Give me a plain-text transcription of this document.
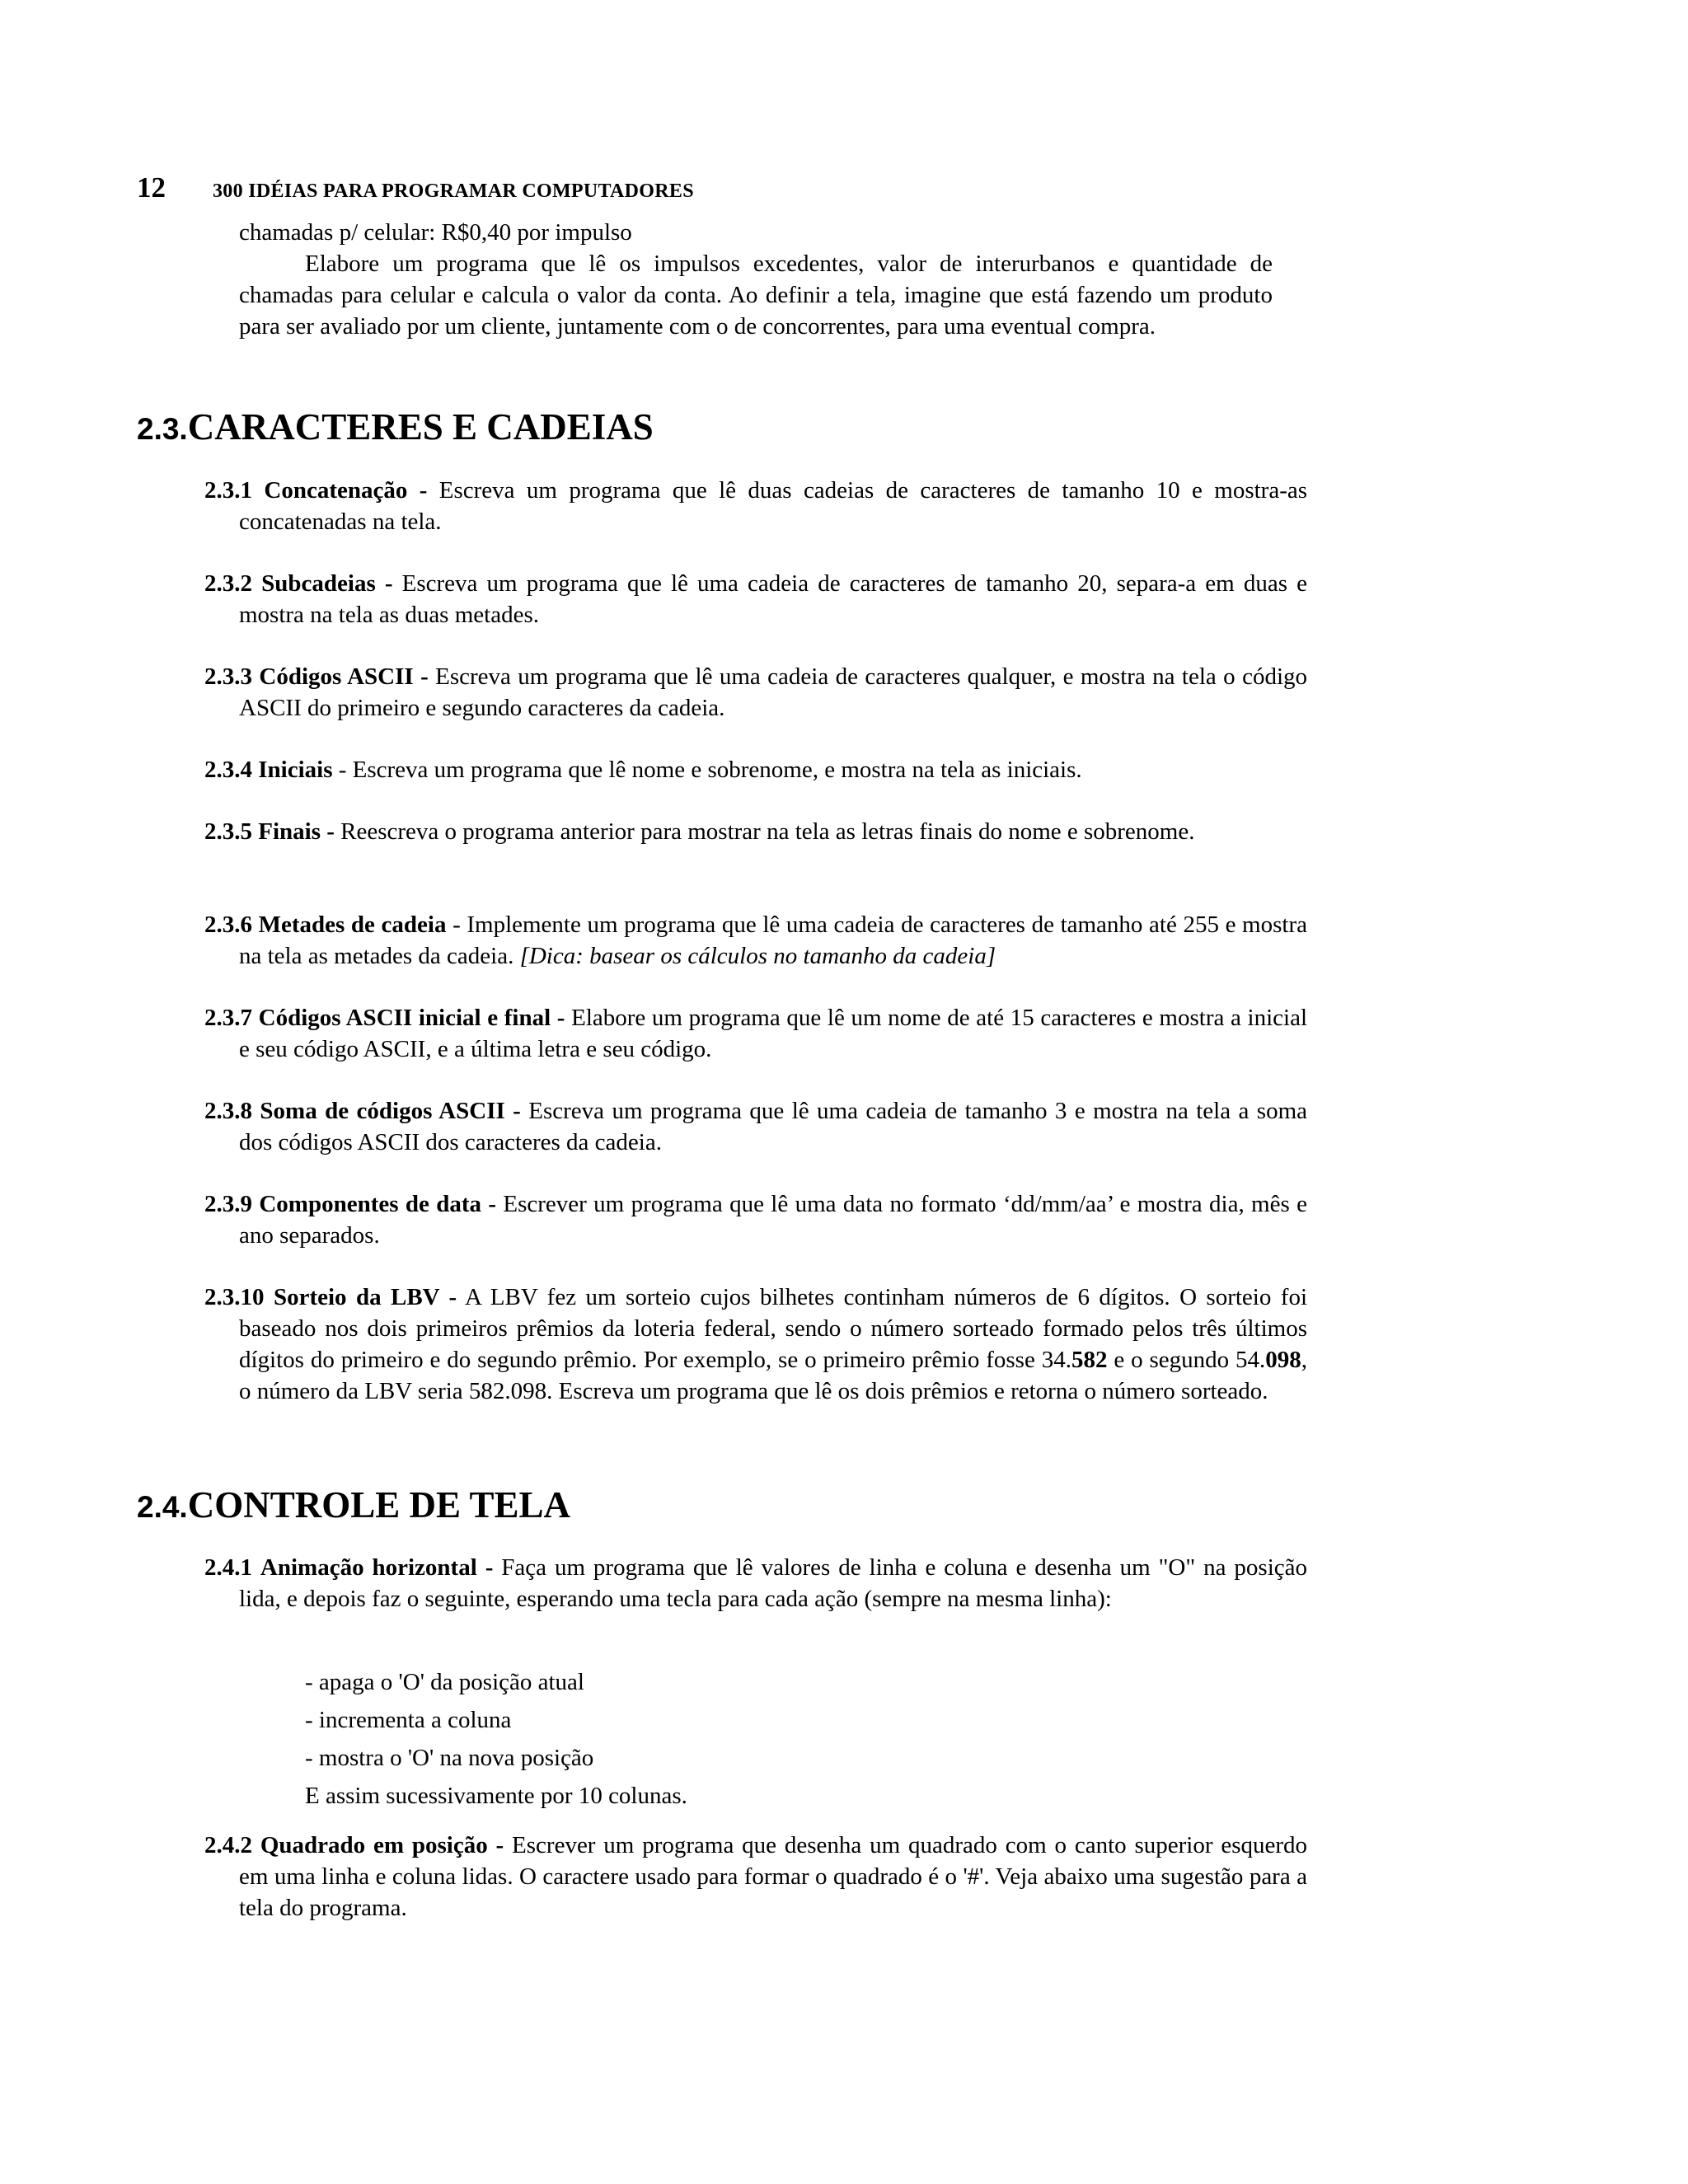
12 300 IDÉIAS PARA PROGRAMAR COMPUTADORES
chamadas p/ celular: R$0,40 por impulso
Elabore um programa que lê os impulsos excedentes, valor de interurbanos e quantidade de chamadas para celular e calcula o valor da conta. Ao definir a tela, imagine que está fazendo um produto para ser avaliado por um cliente, juntamente com o de concorrentes, para uma eventual compra.
2.3.CARACTERES E CADEIAS
2.3.1 Concatenação - Escreva um programa que lê duas cadeias de caracteres de tamanho 10 e mostra-as concatenadas na tela.
2.3.2 Subcadeias - Escreva um programa que lê uma cadeia de caracteres de tamanho 20, separa-a em duas e mostra na tela as duas metades.
2.3.3 Códigos ASCII - Escreva um programa que lê uma cadeia de caracteres qualquer, e mostra na tela o código ASCII do primeiro e segundo caracteres da cadeia.
2.3.4 Iniciais - Escreva um programa que lê nome e sobrenome, e mostra na tela as iniciais.
2.3.5 Finais - Reescreva o programa anterior para mostrar na tela as letras finais do nome e sobrenome.
2.3.6 Metades de cadeia - Implemente um programa que lê uma cadeia de caracteres de tamanho até 255 e mostra na tela as metades da cadeia. [Dica: basear os cálculos no tamanho da cadeia]
2.3.7 Códigos ASCII inicial e final - Elabore um programa que lê um nome de até 15 caracteres e mostra a inicial e seu código ASCII, e a última letra e seu código.
2.3.8 Soma de códigos ASCII - Escreva um programa que lê uma cadeia de tamanho 3 e mostra na tela a soma dos códigos ASCII dos caracteres da cadeia.
2.3.9 Componentes de data - Escrever um programa que lê uma data no formato ‘dd/mm/aa’ e mostra dia, mês e ano separados.
2.3.10 Sorteio da LBV - A LBV fez um sorteio cujos bilhetes continham números de 6 dígitos. O sorteio foi baseado nos dois primeiros prêmios da loteria federal, sendo o número sorteado formado pelos três últimos dígitos do primeiro e do segundo prêmio. Por exemplo, se o primeiro prêmio fosse 34.582 e o segundo 54.098, o número da LBV seria 582.098. Escreva um programa que lê os dois prêmios e retorna o número sorteado.
2.4.CONTROLE DE TELA
2.4.1 Animação horizontal - Faça um programa que lê valores de linha e coluna e desenha um "O" na posição lida, e depois faz o seguinte, esperando uma tecla para cada ação (sempre na mesma linha):
- apaga o 'O' da posição atual
- incrementa a coluna
- mostra o 'O' na nova posição
E assim sucessivamente por 10 colunas.
2.4.2 Quadrado em posição - Escrever um programa que desenha um quadrado com o canto superior esquerdo em uma linha e coluna lidas. O caractere usado para formar o quadrado é o '#'. Veja abaixo uma sugestão para a tela do programa.
